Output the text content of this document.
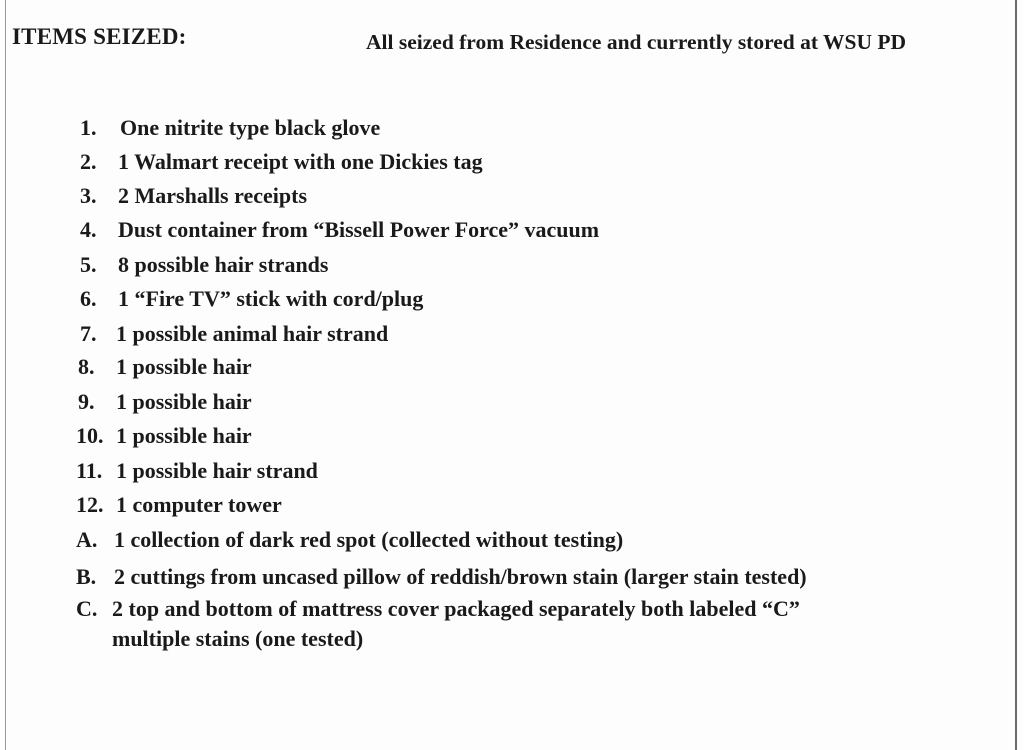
ITEMS SEIZED:	All seized from Residence and currently stored at WSU PD
1. One nitrite type black glove
2. 1 Walmart receipt with one Dickies tag
3. 2 Marshalls receipts
4. Dust container from “Bissell Power Force” vacuum
5. 8 possible hair strands
6. 1 “Fire TV” stick with cord/plug
7. 1 possible animal hair strand
8. 1 possible hair
9. 1 possible hair
10. 1 possible hair
11. 1 possible hair strand
12. 1 computer tower
A. 1 collection of dark red spot (collected without testing)
B. 2 cuttings from uncased pillow of reddish/brown stain (larger stain tested)
C. 2 top and bottom of mattress cover packaged separately both labeled “C”
multiple stains (one tested)
